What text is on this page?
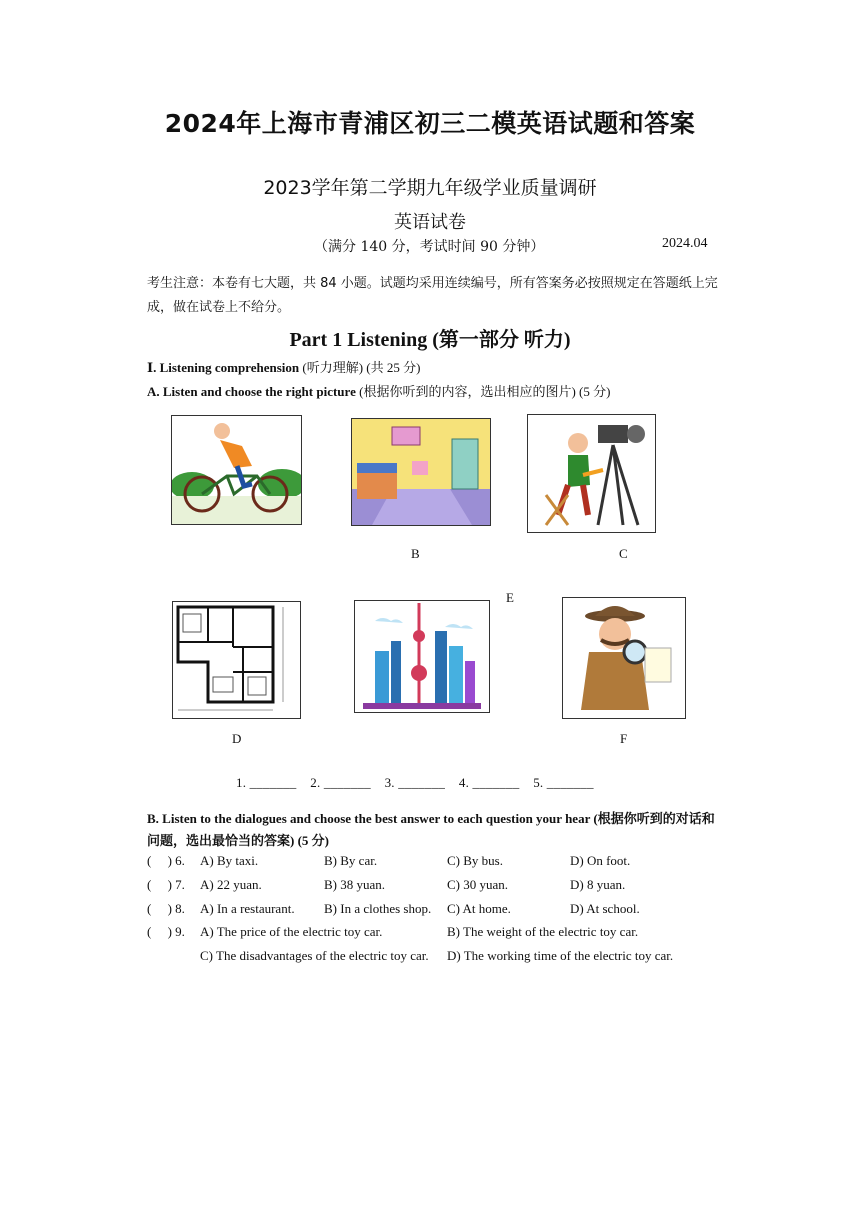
2024年上海市青浦区初三二模英语试题和答案
2023学年第二学期九年级学业质量调研
英语试卷
（满分 140 分，考试时间 90 分钟）	2024.04
考生注意：本卷有七大题，共 84 小题。试题均采用连续编号，所有答案务必按照规定在答题纸上完成，做在试卷上不给分。
Part 1 Listening (第一部分 听力)
Ⅰ. Listening comprehension (听力理解) (共 25 分)
A. Listen and choose the right picture (根据你听到的内容，选出相应的图片) (5 分)
B	C
E
D	F
1. _______    2. _______    3. _______    4. _______    5. _______
B. Listen to the dialogues and choose the best answer to each question your hear (根据你听到的对话和问题，选出最恰当的答案) (5 分)
(     ) 6. A) By taxi.	B) By car.	C) By bus.	D) On foot.
(     ) 7. A) 22 yuan.	B) 38 yuan.	C) 30 yuan.	D) 8 yuan.
(     ) 8. A) In a restaurant. B) In a clothes shop. C) At home.	D) At school.
(     ) 9. A) The price of the electric toy car.	B) The weight of the electric toy car.
C) The disadvantages of the electric toy car. D) The working time of the electric toy car.
